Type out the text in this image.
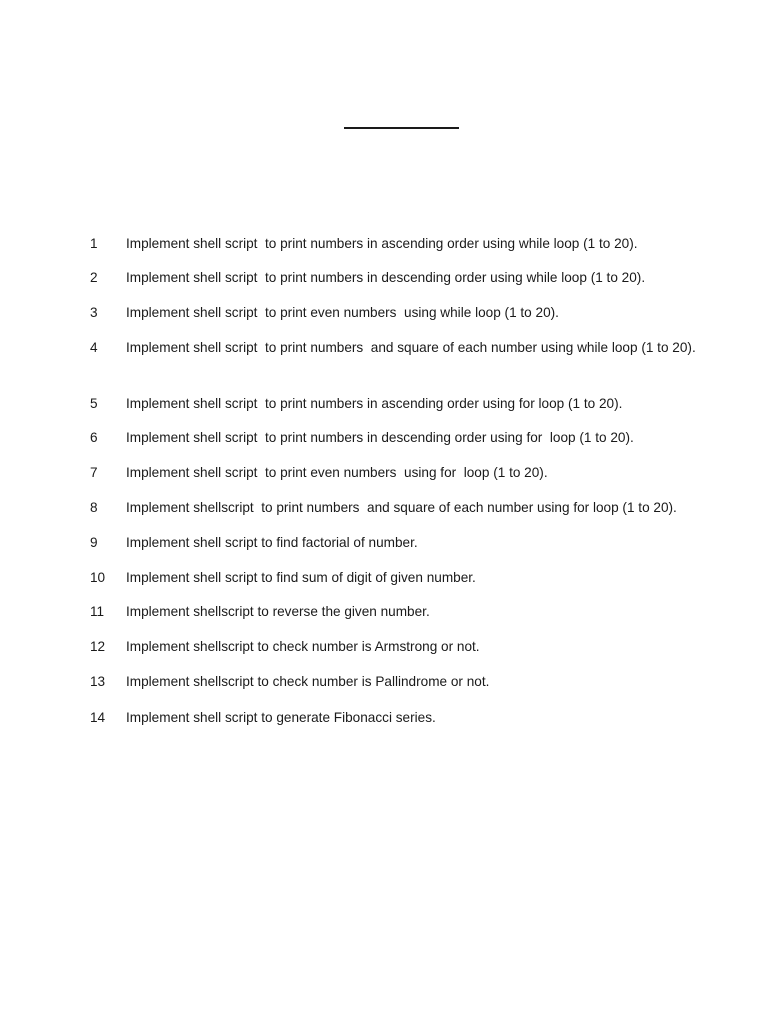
1	Implement shell script  to print numbers in ascending order using while loop (1 to 20).
2	Implement shell script  to print numbers in descending order using while loop (1 to 20).
3	Implement shell script  to print even numbers  using while loop (1 to 20).
4	Implement shell script  to print numbers  and square of each number using while loop (1 to 20).
5	Implement shell script  to print numbers in ascending order using for loop (1 to 20).
6	Implement shell script  to print numbers in descending order using for  loop (1 to 20).
7	Implement shell script  to print even numbers  using for  loop (1 to 20).
8	Implement shellscript  to print numbers  and square of each number using for loop (1 to 20).
9	Implement shell script to find factorial of number.
10	Implement shell script to find sum of digit of given number.
11	Implement shellscript to reverse the given number.
12	Implement shellscript to check number is Armstrong or not.
13	Implement shellscript to check number is Pallindrome or not.
14	Implement shell script to generate Fibonacci series.
